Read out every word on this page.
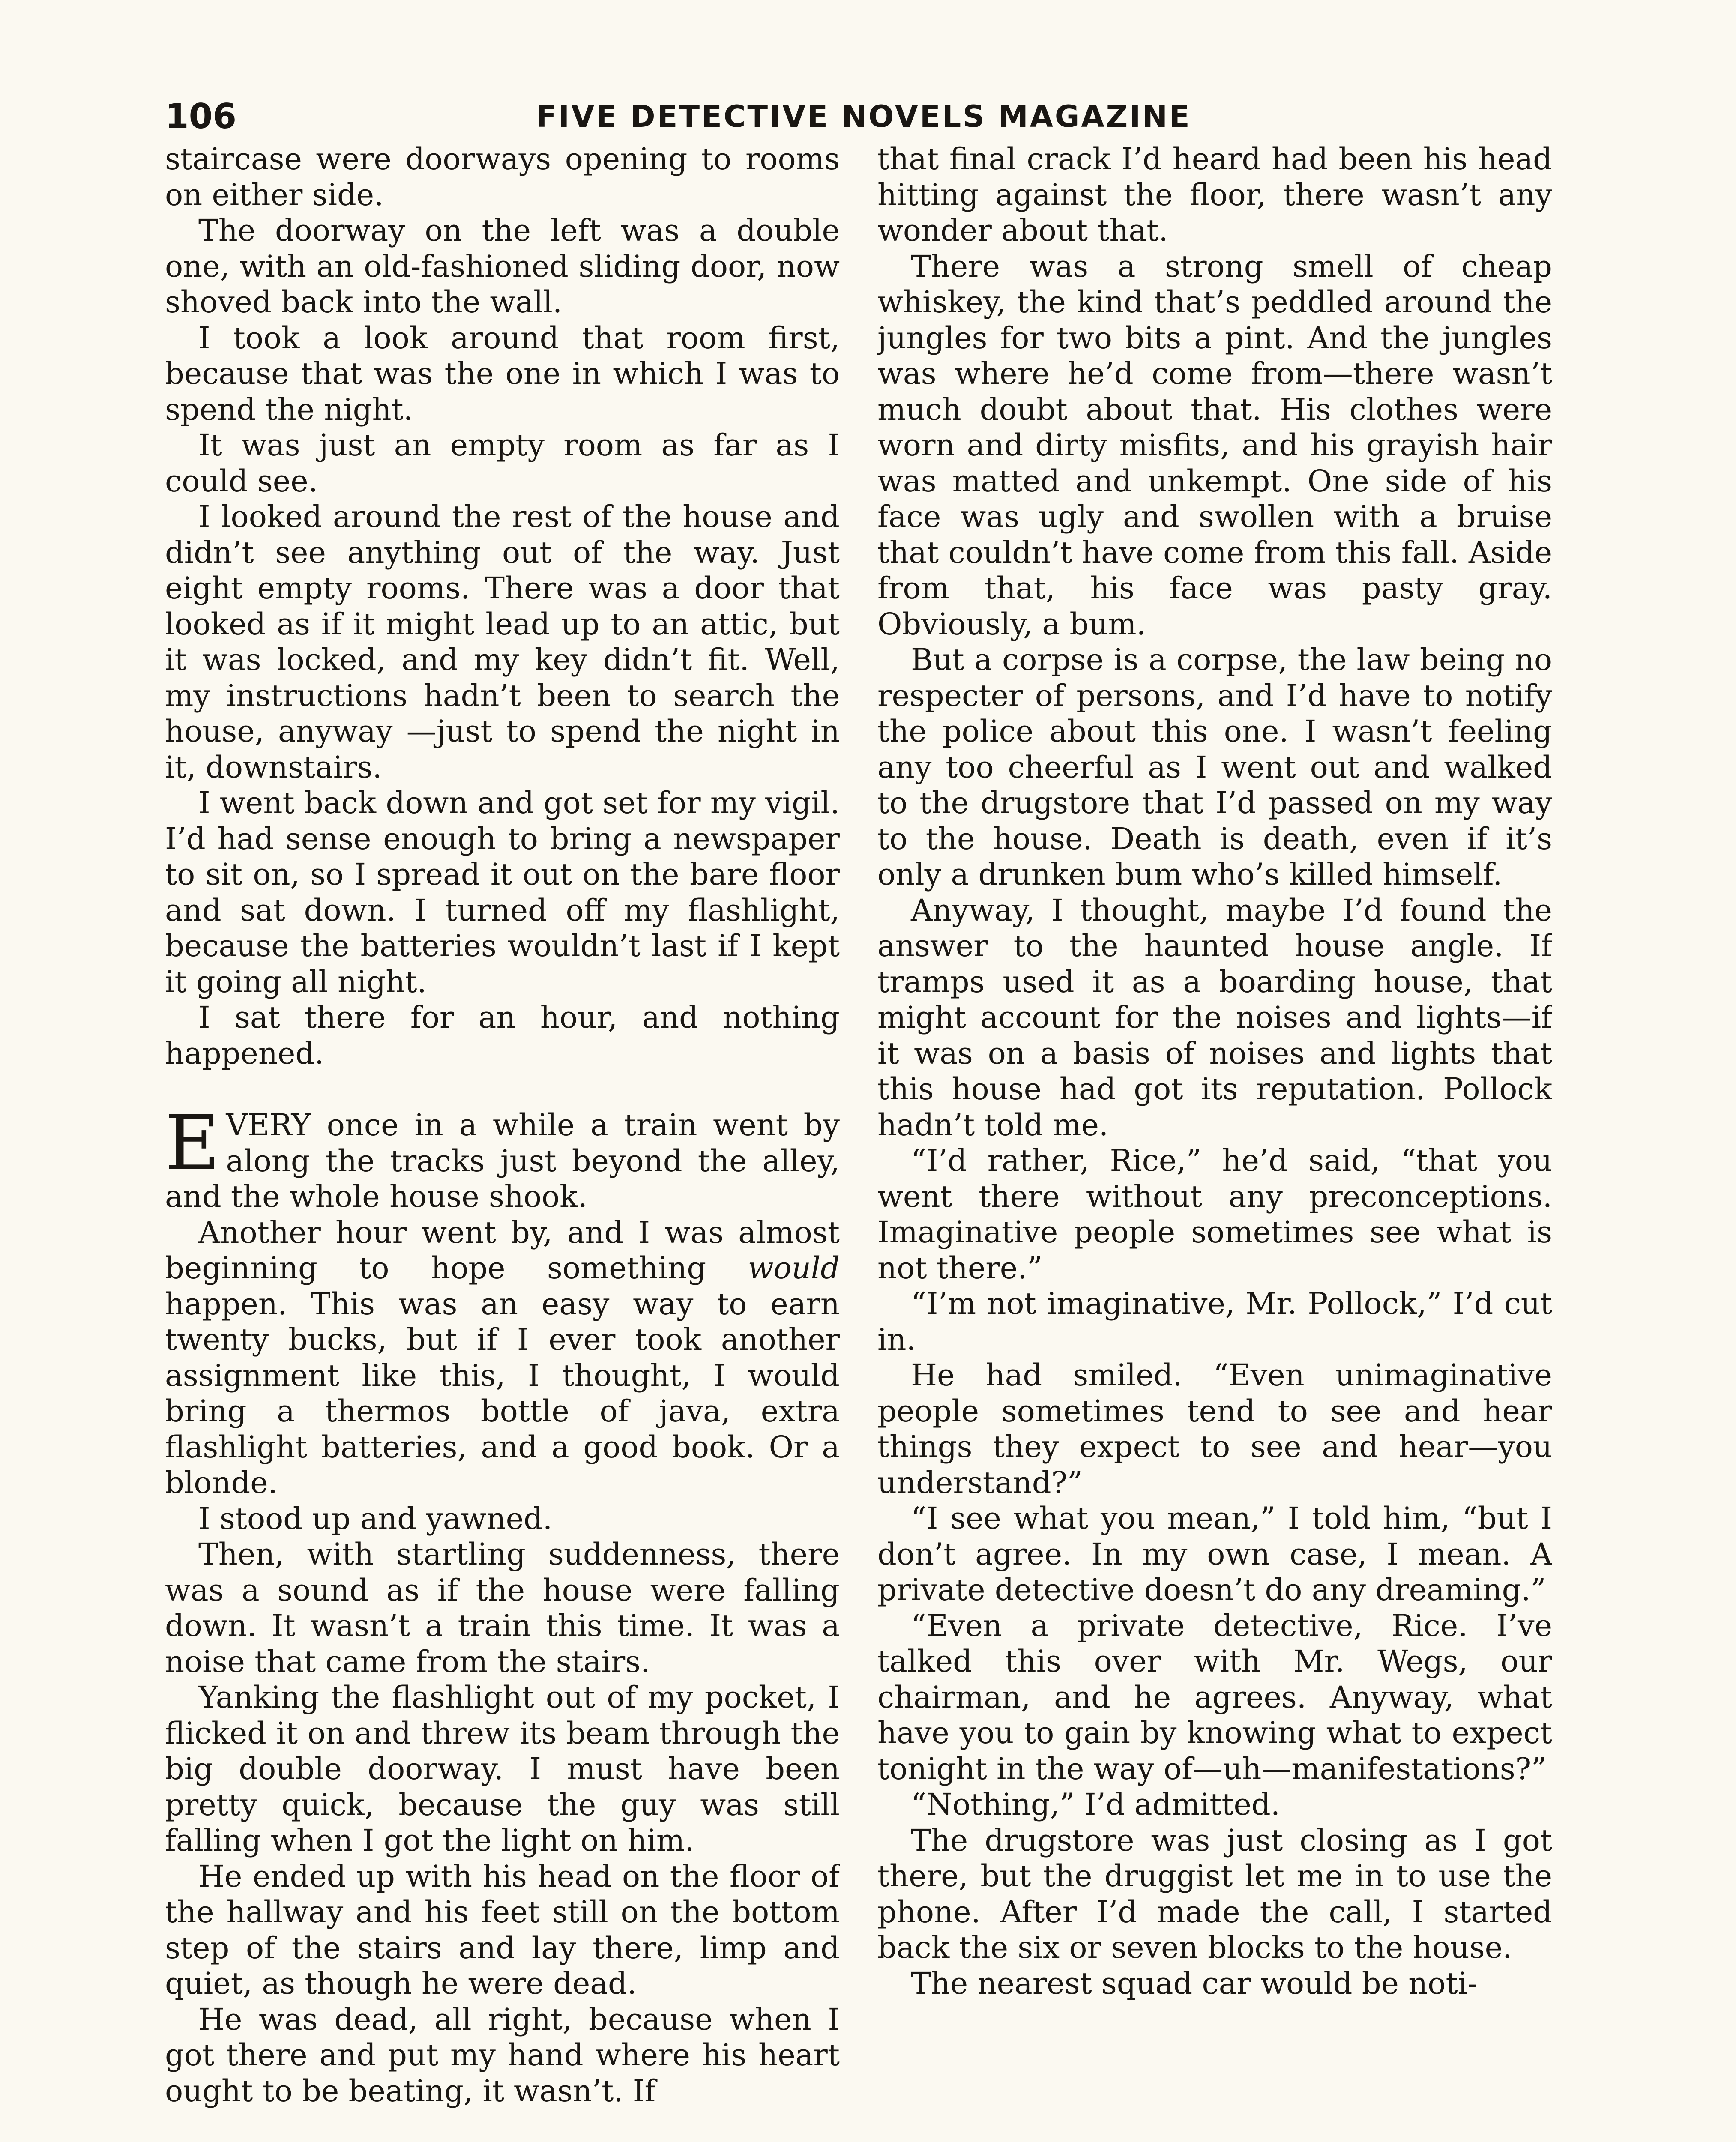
106	FIVE DETECTIVE NOVELS MAGAZINE

staircase were doorways opening to rooms on either side.

The doorway on the left was a double one, with an old-fashioned sliding door, now shoved back into the wall.

I took a look around that room first, because that was the one in which I was to spend the night.

It was just an empty room as far as I could see.

I looked around the rest of the house and didn’t see anything out of the way. Just eight empty rooms. There was a door that looked as if it might lead up to an attic, but it was locked, and my key didn’t fit. Well, my instructions hadn’t been to search the house, anyway —just to spend the night in it, downstairs.

I went back down and got set for my vigil. I’d had sense enough to bring a newspaper to sit on, so I spread it out on the bare floor and sat down. I turned off my flashlight, because the batteries wouldn’t last if I kept it going all night.

I sat there for an hour, and nothing happened.

EVERY once in a while a train went by along the tracks just beyond the alley, and the whole house shook.

Another hour went by, and I was almost beginning to hope something would happen. This was an easy way to earn twenty bucks, but if I ever took another assignment like this, I thought, I would bring a thermos bottle of java, extra flashlight batteries, and a good book. Or a blonde.

I stood up and yawned.

Then, with startling suddenness, there was a sound as if the house were falling down. It wasn’t a train this time. It was a noise that came from the stairs.

Yanking the flashlight out of my pocket, I flicked it on and threw its beam through the big double doorway. I must have been pretty quick, because the guy was still falling when I got the light on him.

He ended up with his head on the floor of the hallway and his feet still on the bottom step of the stairs and lay there, limp and quiet, as though he were dead.

He was dead, all right, because when I got there and put my hand where his heart ought to be beating, it wasn’t. If

that final crack I’d heard had been his head hitting against the floor, there wasn’t any wonder about that.

There was a strong smell of cheap whiskey, the kind that’s peddled around the jungles for two bits a pint. And the jungles was where he’d come from—there wasn’t much doubt about that. His clothes were worn and dirty misfits, and his grayish hair was matted and unkempt. One side of his face was ugly and swollen with a bruise that couldn’t have come from this fall. Aside from that, his face was pasty gray. Obviously, a bum.

But a corpse is a corpse, the law being no respecter of persons, and I’d have to notify the police about this one. I wasn’t feeling any too cheerful as I went out and walked to the drugstore that I’d passed on my way to the house. Death is death, even if it’s only a drunken bum who’s killed himself.

Anyway, I thought, maybe I’d found the answer to the haunted house angle. If tramps used it as a boarding house, that might account for the noises and lights—if it was on a basis of noises and lights that this house had got its reputation. Pollock hadn’t told me.

“I’d rather, Rice,” he’d said, “that you went there without any preconceptions. Imaginative people sometimes see what is not there.”

“I’m not imaginative, Mr. Pollock,” I’d cut in.

He had smiled. “Even unimaginative people sometimes tend to see and hear things they expect to see and hear—you understand?”

“I see what you mean,” I told him, “but I don’t agree. In my own case, I mean. A private detective doesn’t do any dreaming.”

“Even a private detective, Rice. I’ve talked this over with Mr. Wegs, our chairman, and he agrees. Anyway, what have you to gain by knowing what to expect tonight in the way of—uh—manifestations?”

“Nothing,” I’d admitted.

The drugstore was just closing as I got there, but the druggist let me in to use the phone. After I’d made the call, I started back the six or seven blocks to the house.

The nearest squad car would be noti-
